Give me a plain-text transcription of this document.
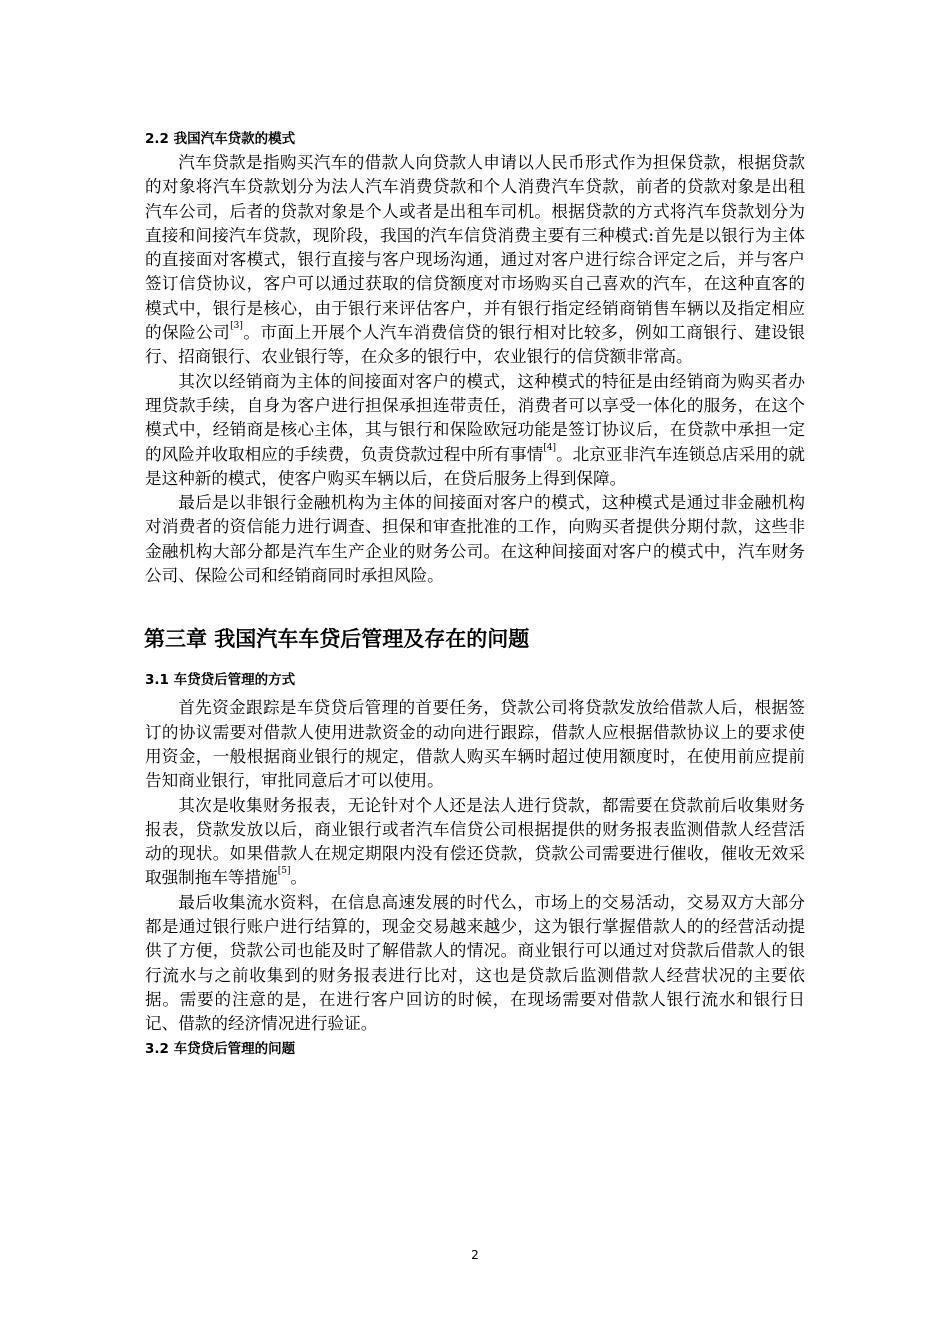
2.2 我国汽车贷款的模式

汽车贷款是指购买汽车的借款人向贷款人申请以人民币形式作为担保贷款，根据贷款的对象将汽车贷款划分为法人汽车消费贷款和个人消费汽车贷款，前者的贷款对象是出租汽车公司，后者的贷款对象是个人或者是出租车司机。根据贷款的方式将汽车贷款划分为直接和间接汽车贷款，现阶段，我国的汽车信贷消费主要有三种模式:首先是以银行为主体的直接面对客模式，银行直接与客户现场沟通，通过对客户进行综合评定之后，并与客户签订信贷协议，客户可以通过获取的信贷额度对市场购买自己喜欢的汽车，在这种直客的模式中，银行是核心，由于银行来评估客户，并有银行指定经销商销售车辆以及指定相应的保险公司[3]。市面上开展个人汽车消费信贷的银行相对比较多，例如工商银行、建设银行、招商银行、农业银行等，在众多的银行中，农业银行的信贷额非常高。

其次以经销商为主体的间接面对客户的模式，这种模式的特征是由经销商为购买者办理贷款手续，自身为客户进行担保承担连带责任，消费者可以享受一体化的服务，在这个模式中，经销商是核心主体，其与银行和保险欧冠功能是签订协议后，在贷款中承担一定的风险并收取相应的手续费，负责贷款过程中所有事情[4]。北京亚非汽车连锁总店采用的就是这种新的模式，使客户购买车辆以后，在贷后服务上得到保障。

最后是以非银行金融机构为主体的间接面对客户的模式，这种模式是通过非金融机构对消费者的资信能力进行调查、担保和审查批准的工作，向购买者提供分期付款，这些非金融机构大部分都是汽车生产企业的财务公司。在这种间接面对客户的模式中，汽车财务公司、保险公司和经销商同时承担风险。

第三章 我国汽车车贷后管理及存在的问题
3.1 车贷贷后管理的方式

首先资金跟踪是车贷贷后管理的首要任务，贷款公司将贷款发放给借款人后，根据签订的协议需要对借款人使用进款资金的动向进行跟踪，借款人应根据借款协议上的要求使用资金，一般根据商业银行的规定，借款人购买车辆时超过使用额度时，在使用前应提前告知商业银行，审批同意后才可以使用。

其次是收集财务报表，无论针对个人还是法人进行贷款，都需要在贷款前后收集财务报表，贷款发放以后，商业银行或者汽车信贷公司根据提供的财务报表监测借款人经营活动的现状。如果借款人在规定期限内没有偿还贷款，贷款公司需要进行催收，催收无效采取强制拖车等措施[5]。

最后收集流水资料，在信息高速发展的时代么，市场上的交易活动，交易双方大部分都是通过银行账户进行结算的，现金交易越来越少，这为银行掌握借款人的的经营活动提供了方便，贷款公司也能及时了解借款人的情况。商业银行可以通过对贷款后借款人的银行流水与之前收集到的财务报表进行比对，这也是贷款后监测借款人经营状况的主要依据。需要的注意的是，在进行客户回访的时候，在现场需要对借款人银行流水和银行日记、借款的经济情况进行验证。

3.2 车贷贷后管理的问题
2
